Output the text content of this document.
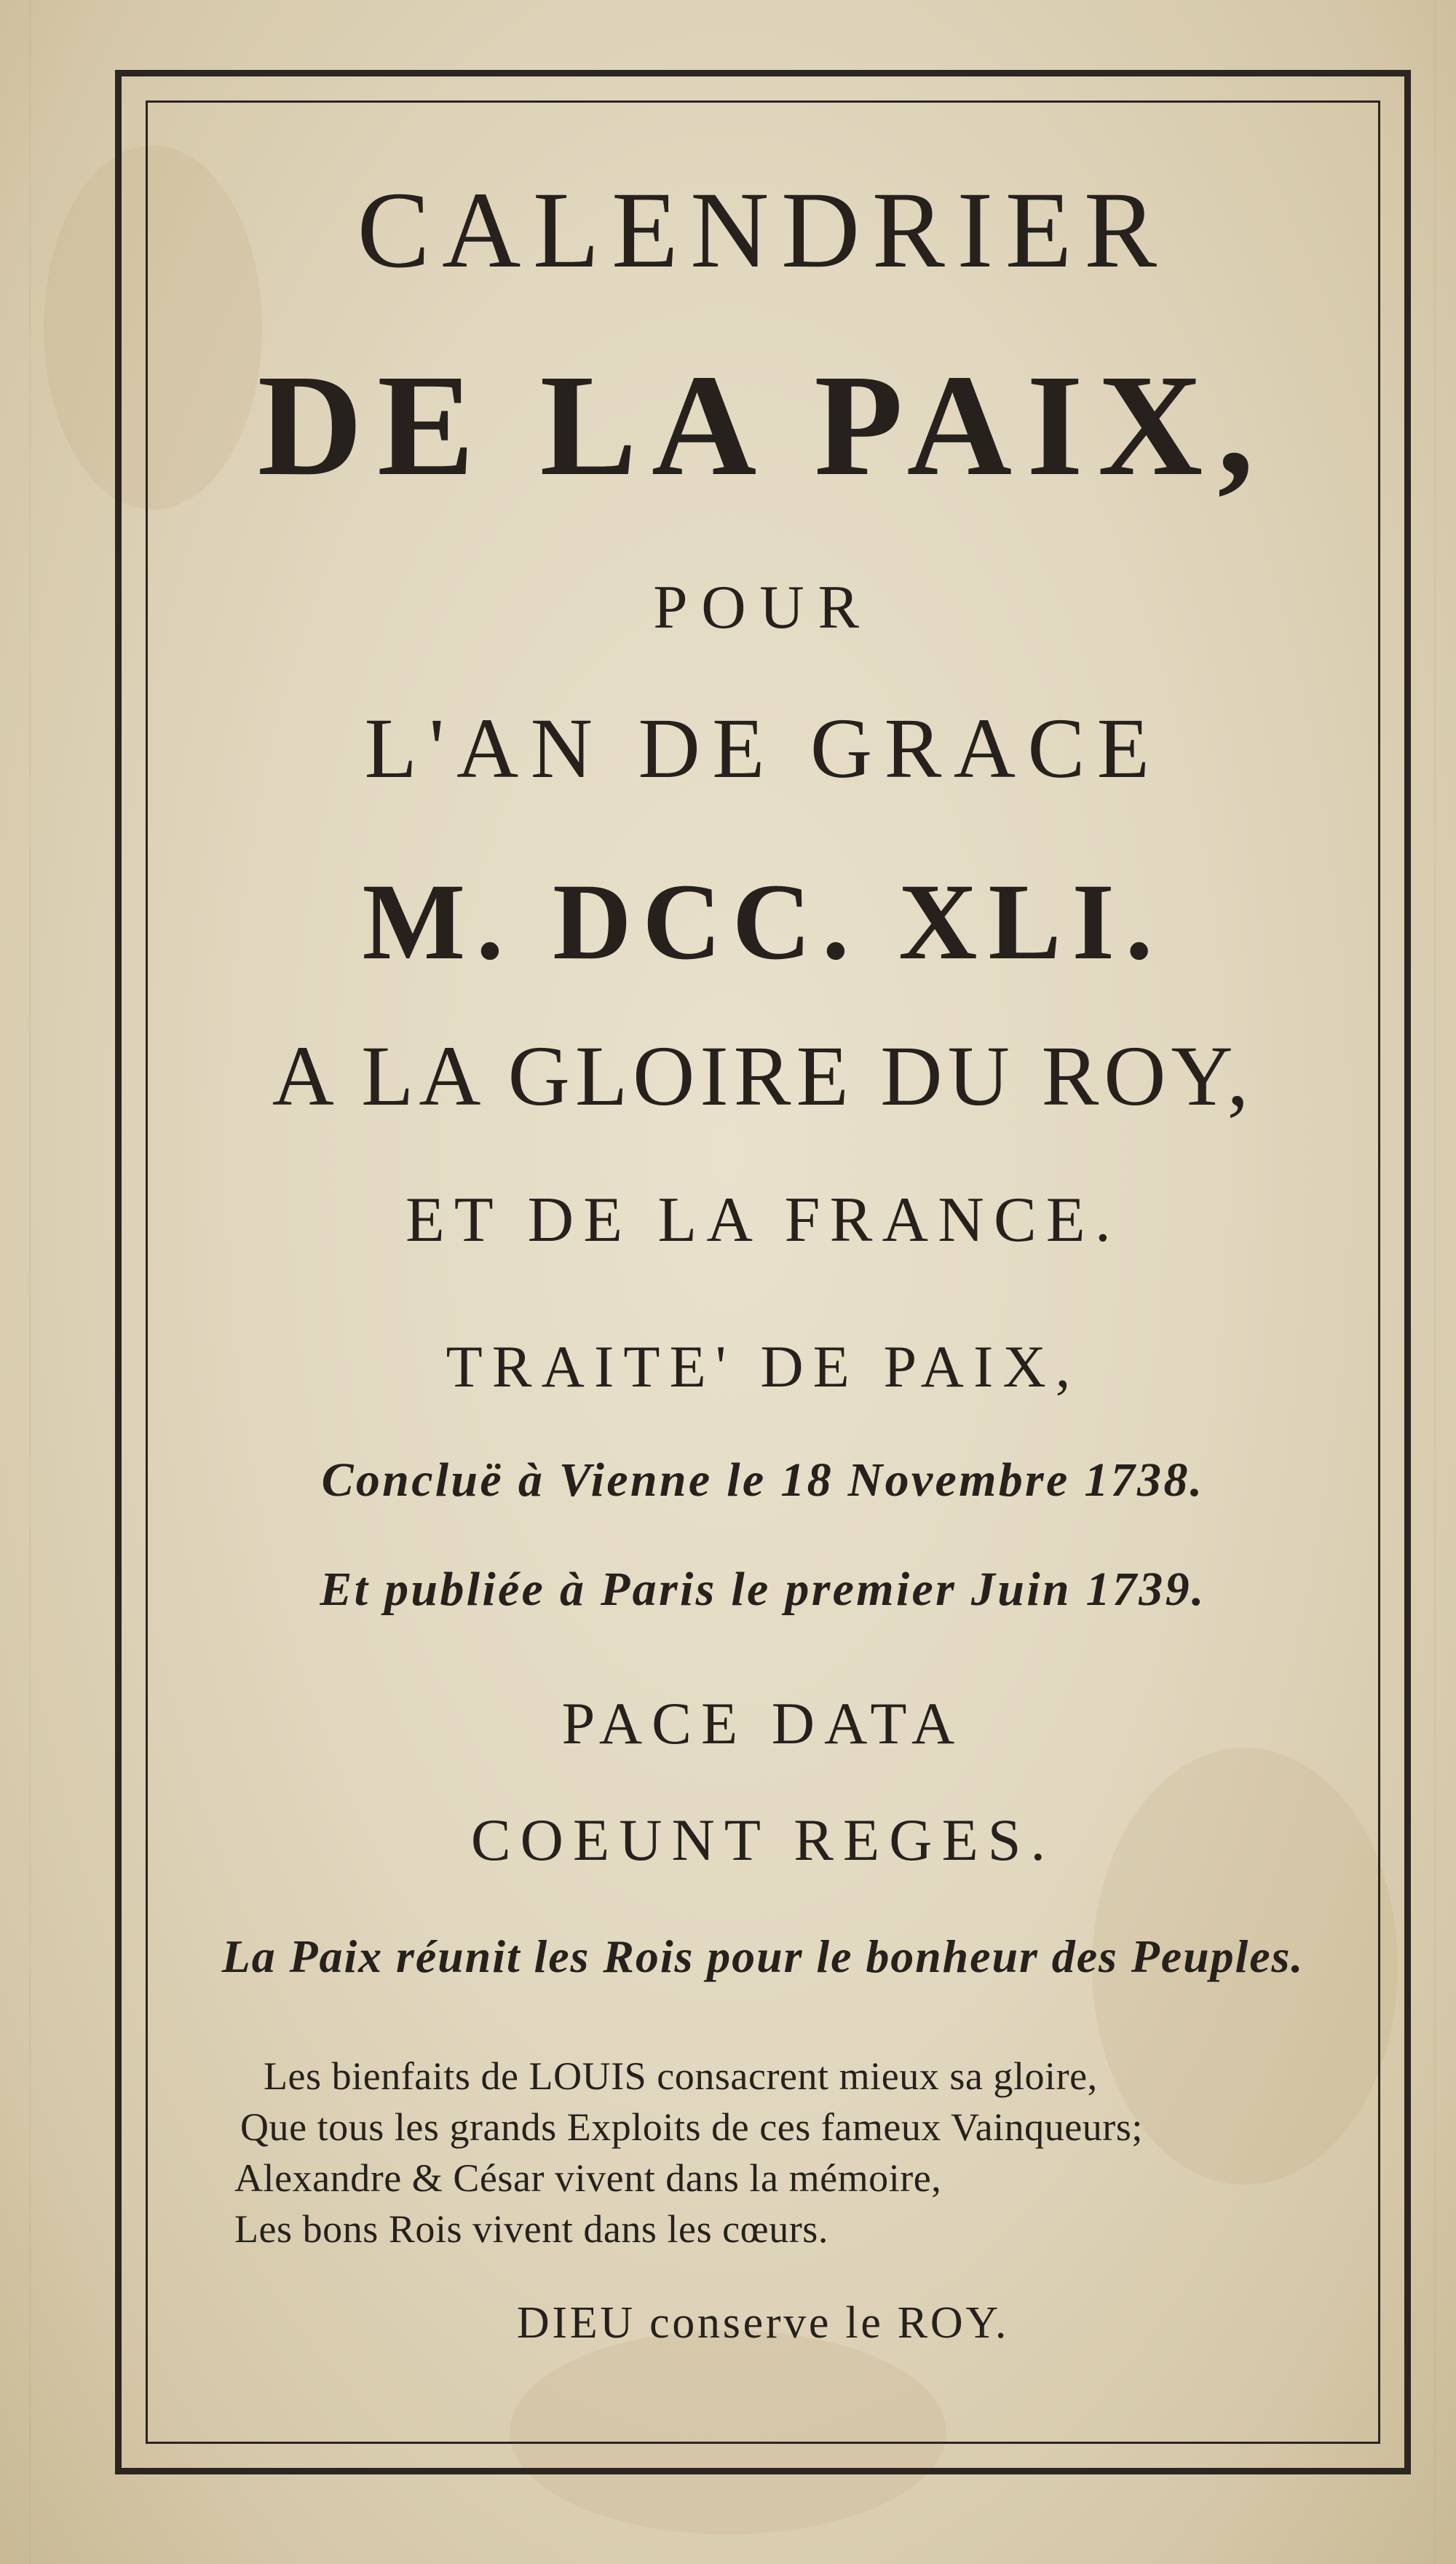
CALENDRIER
DE LA PAIX,
POUR
L'AN DE GRACE
M. DCC. XLI.
A LA GLOIRE DU ROY,
ET DE LA FRANCE.
TRAITE' DE PAIX,
Concluë à Vienne le 18 Novembre 1738.
Et publiée à Paris le premier Juin 1739.
PACE DATA
COEUNT REGES.
La Paix réunit les Rois pour le bonheur des Peuples.
Les bienfaits de LOUIS consacrent mieux sa gloire,
Que tous les grands Exploits de ces fameux Vainqueurs;
Alexandre & César vivent dans la mémoire,
Les bons Rois vivent dans les cœurs.
DIEU conserve le ROY.
